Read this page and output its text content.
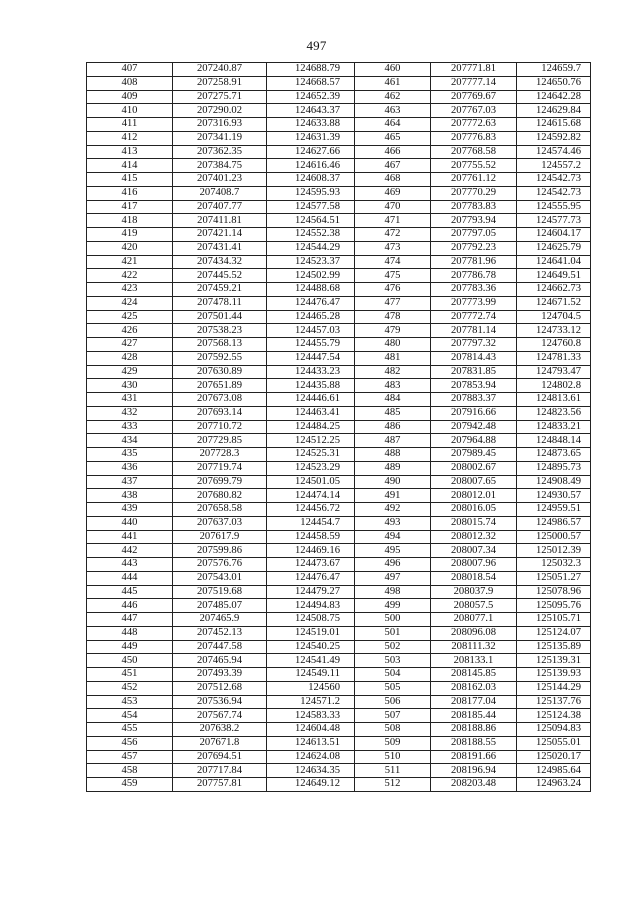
497
407	207240.87	124688.79	460	207771.81	124659.7
408	207258.91	124668.57	461	207777.14	124650.76
409	207275.71	124652.39	462	207769.67	124642.28
410	207290.02	124643.37	463	207767.03	124629.84
411	207316.93	124633.88	464	207772.63	124615.68
412	207341.19	124631.39	465	207776.83	124592.82
413	207362.35	124627.66	466	207768.58	124574.46
414	207384.75	124616.46	467	207755.52	124557.2
415	207401.23	124608.37	468	207761.12	124542.73
416	207408.7	124595.93	469	207770.29	124542.73
417	207407.77	124577.58	470	207783.83	124555.95
418	207411.81	124564.51	471	207793.94	124577.73
419	207421.14	124552.38	472	207797.05	124604.17
420	207431.41	124544.29	473	207792.23	124625.79
421	207434.32	124523.37	474	207781.96	124641.04
422	207445.52	124502.99	475	207786.78	124649.51
423	207459.21	124488.68	476	207783.36	124662.73
424	207478.11	124476.47	477	207773.99	124671.52
425	207501.44	124465.28	478	207772.74	124704.5
426	207538.23	124457.03	479	207781.14	124733.12
427	207568.13	124455.79	480	207797.32	124760.8
428	207592.55	124447.54	481	207814.43	124781.33
429	207630.89	124433.23	482	207831.85	124793.47
430	207651.89	124435.88	483	207853.94	124802.8
431	207673.08	124446.61	484	207883.37	124813.61
432	207693.14	124463.41	485	207916.66	124823.56
433	207710.72	124484.25	486	207942.48	124833.21
434	207729.85	124512.25	487	207964.88	124848.14
435	207728.3	124525.31	488	207989.45	124873.65
436	207719.74	124523.29	489	208002.67	124895.73
437	207699.79	124501.05	490	208007.65	124908.49
438	207680.82	124474.14	491	208012.01	124930.57
439	207658.58	124456.72	492	208016.05	124959.51
440	207637.03	124454.7	493	208015.74	124986.57
441	207617.9	124458.59	494	208012.32	125000.57
442	207599.86	124469.16	495	208007.34	125012.39
443	207576.76	124473.67	496	208007.96	125032.3
444	207543.01	124476.47	497	208018.54	125051.27
445	207519.68	124479.27	498	208037.9	125078.96
446	207485.07	124494.83	499	208057.5	125095.76
447	207465.9	124508.75	500	208077.1	125105.71
448	207452.13	124519.01	501	208096.08	125124.07
449	207447.58	124540.25	502	208111.32	125135.89
450	207465.94	124541.49	503	208133.1	125139.31
451	207493.39	124549.11	504	208145.85	125139.93
452	207512.68	124560	505	208162.03	125144.29
453	207536.94	124571.2	506	208177.04	125137.76
454	207567.74	124583.33	507	208185.44	125124.38
455	207638.2	124604.48	508	208188.86	125094.83
456	207671.8	124613.51	509	208188.55	125055.01
457	207694.51	124624.08	510	208191.66	125020.17
458	207717.84	124634.35	511	208196.94	124985.64
459	207757.81	124649.12	512	208203.48	124963.24
